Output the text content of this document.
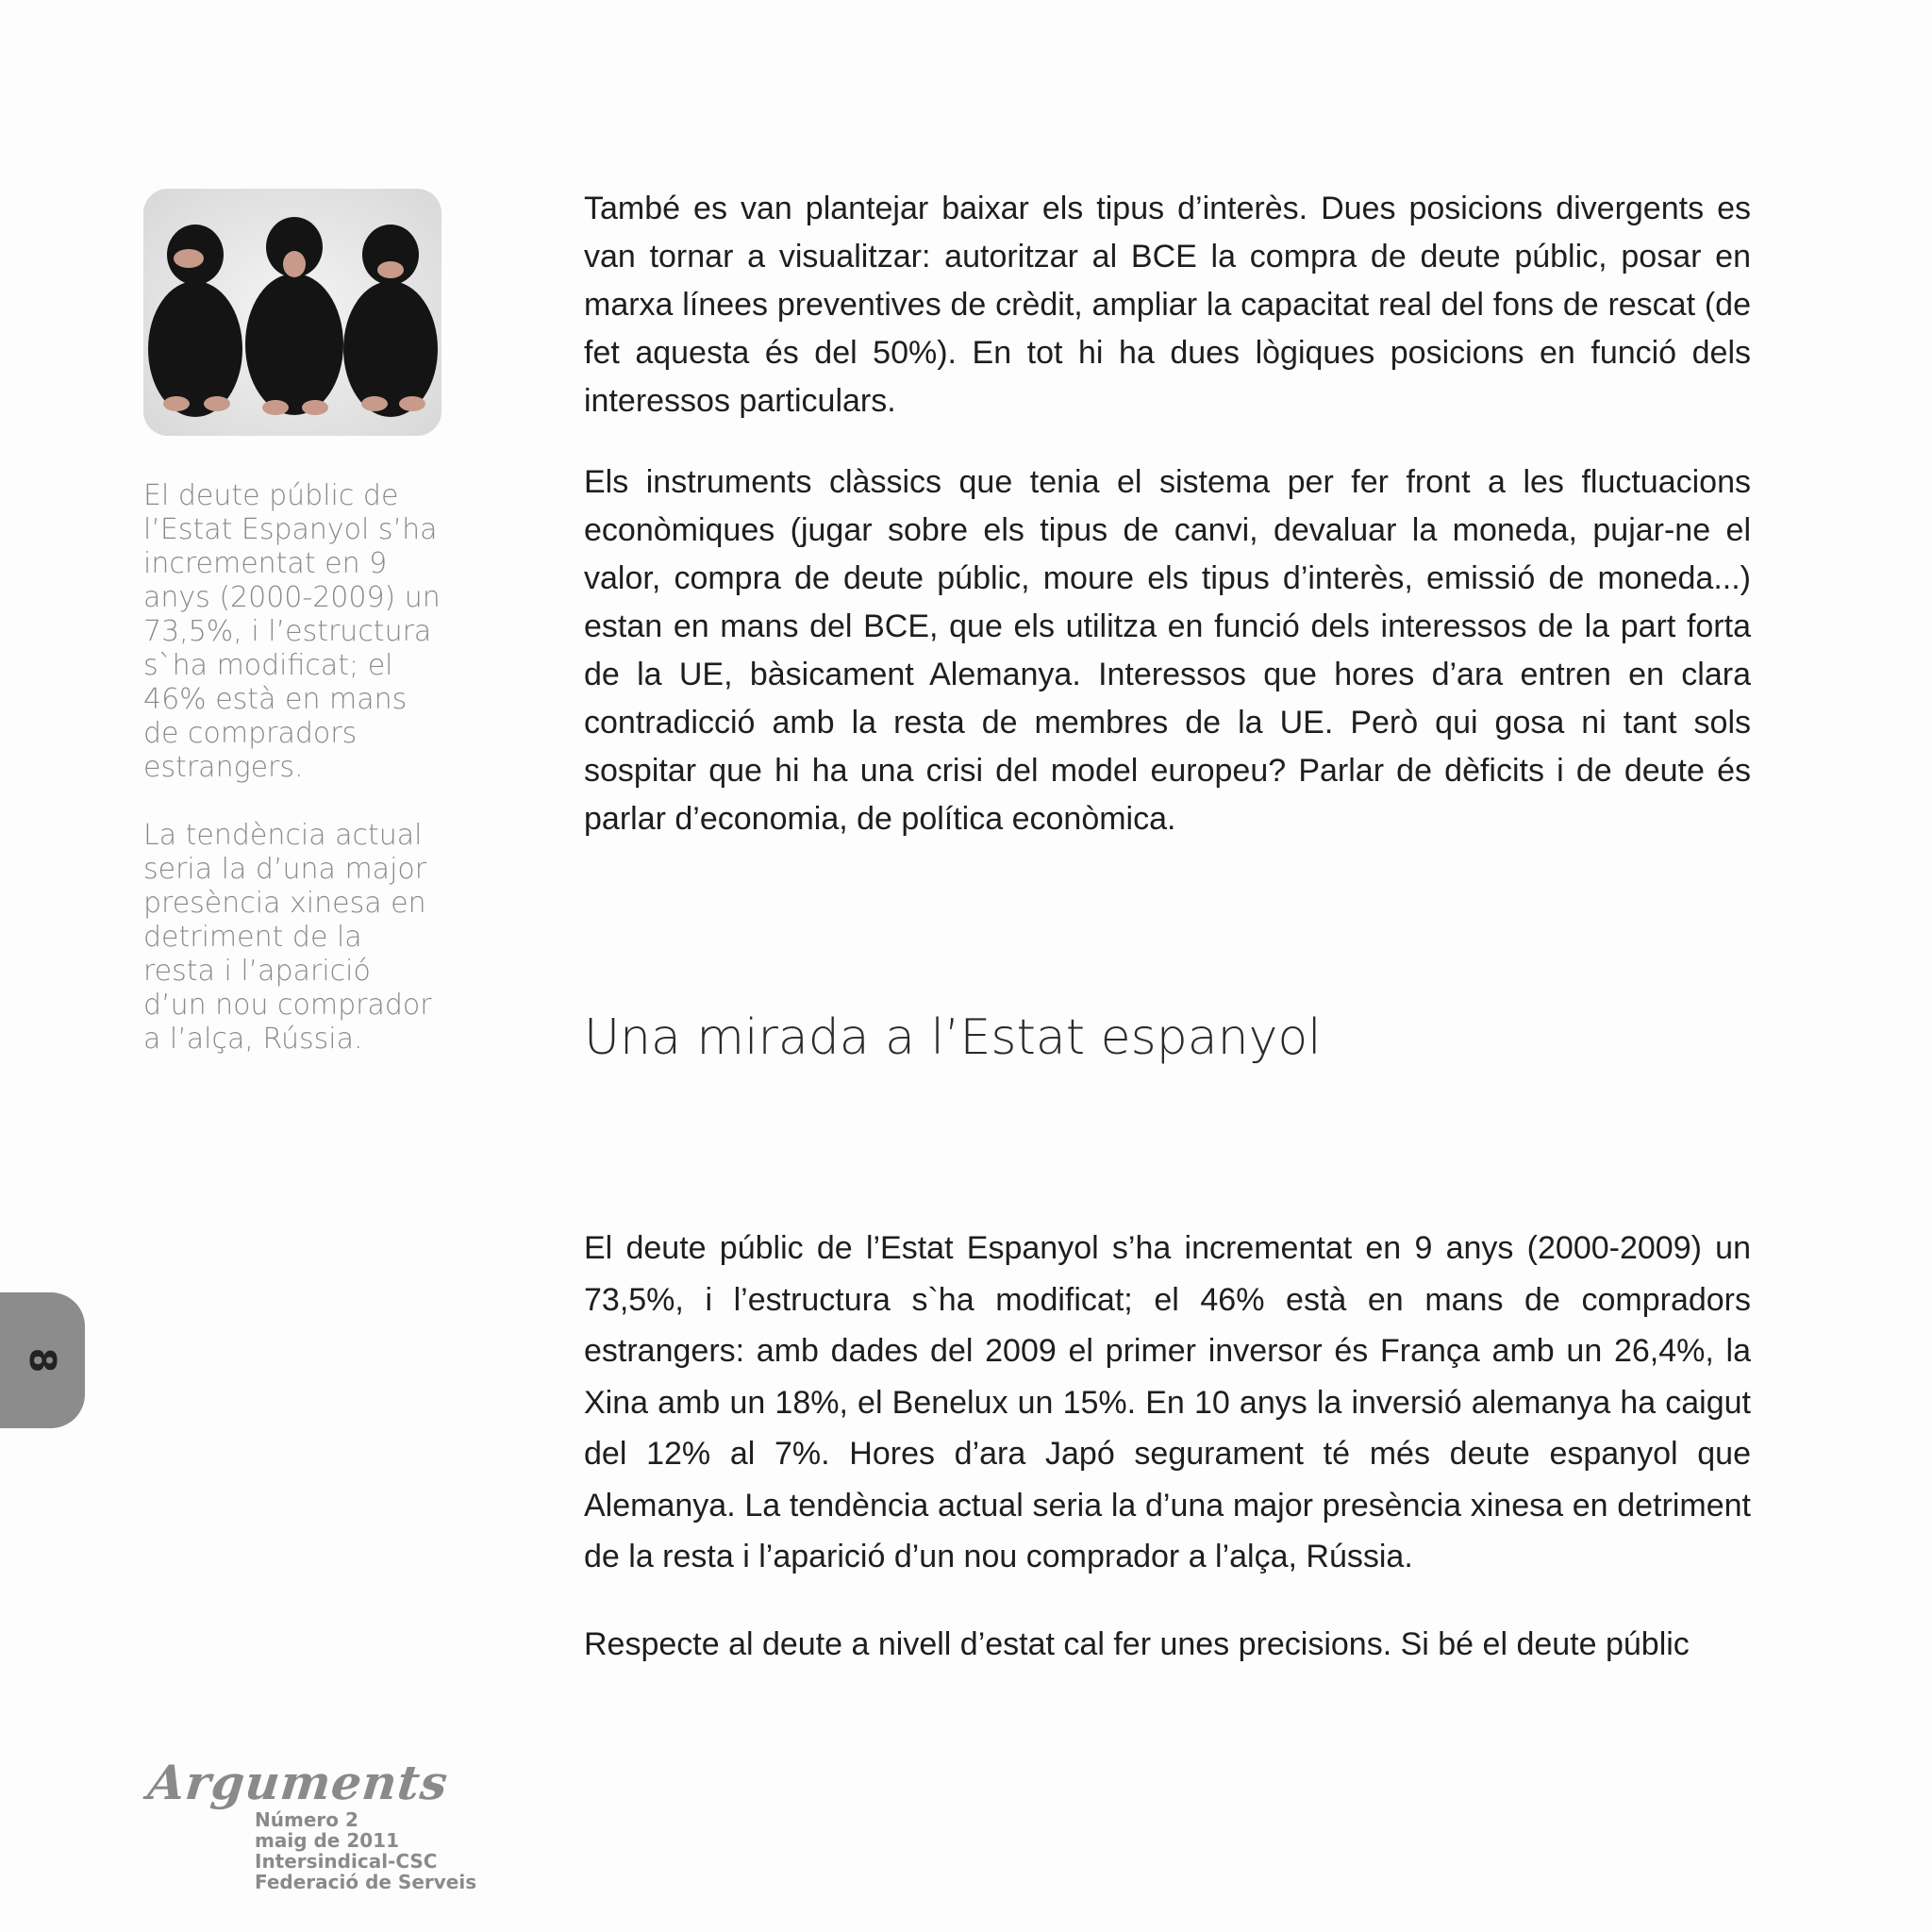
El deute públic de l’Estat Espanyol s’ha incrementat en 9 anys (2000-2009) un 73,5%, i l’estructura s`ha modificat; el 46% està en mans de compradors estrangers.

La tendència actual seria la d’una major presència xinesa en detriment de la resta i l’aparició d’un nou comprador a l’alça, Rússia.

També es van plantejar baixar els tipus d’interès. Dues posicions divergents es van tornar a visualitzar: autoritzar al BCE la compra de deute públic, posar en marxa línees preventives de crèdit, ampliar la capacitat real del fons de rescat (de fet aquesta és del 50%). En tot hi ha dues lògiques posicions en funció dels interessos particulars.

Els instruments clàssics que tenia el sistema per fer front a les fluctuacions econòmiques (jugar sobre els tipus de canvi, devaluar la moneda, pujar-ne el valor, compra de deute públic, moure els tipus d’interès, emissió de moneda...) estan en mans del BCE, que els utilitza en funció dels interessos de la part forta de la UE, bàsicament Alemanya. Interessos que hores d’ara entren en clara contradicció amb la resta de membres de la UE. Però qui gosa ni tant sols sospitar que hi ha una crisi del model europeu? Parlar de dèficits i de deute és parlar d’economia, de política econòmica.

Una mirada a l’Estat espanyol

El deute públic de l’Estat Espanyol s’ha incrementat en 9 anys (2000-2009) un 73,5%, i l’estructura s`ha modificat; el 46% està en mans de compradors estrangers: amb dades del 2009 el primer inversor és França amb un 26,4%, la Xina amb un 18%, el Benelux un 15%. En 10 anys la inversió alemanya ha caigut del 12% al 7%. Hores d’ara Japó segurament té més deute espanyol que Alemanya. La tendència actual seria la d’una major presència xinesa en detriment de la resta i l’aparició d’un nou comprador a l’alça, Rússia.

Respecte al deute a nivell d’estat cal fer unes precisions. Si bé el deute públic

8
Arguments
Número 2
maig de 2011
Intersindical-CSC
Federació de Serveis
